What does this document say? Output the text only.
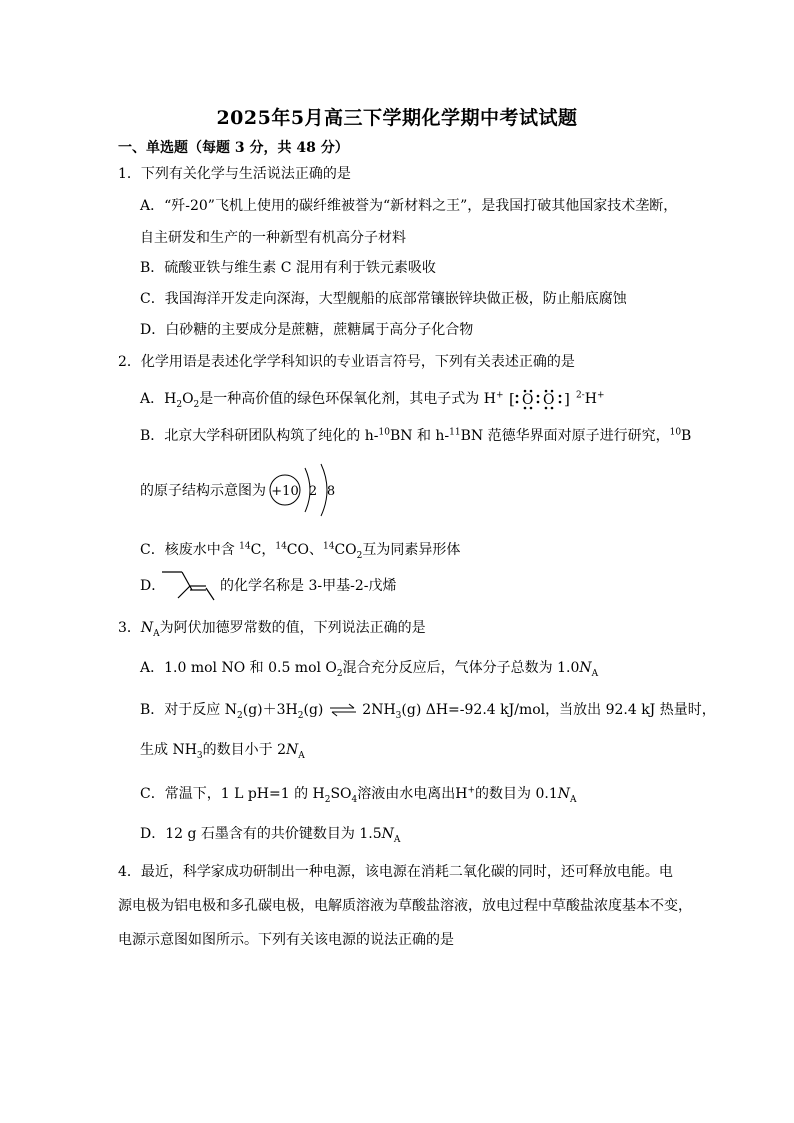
2025年5月高三下学期化学期中考试试题
一、单选题（每题 3 分，共 48 分）
1．下列有关化学与生活说法正确的是
A．“歼-20”飞机上使用的碳纤维被誉为“新材料之王”，是我国打破其他国家技术垄断，
自主研发和生产的一种新型有机高分子材料
B．硫酸亚铁与维生素 C 混用有利于铁元素吸收
C．我国海洋开发走向深海，大型舰船的底部常镶嵌锌块做正极，防止船底腐蚀
D．白砂糖的主要成分是蔗糖，蔗糖属于高分子化合物
2．化学用语是表述化学学科知识的专业语言符号，下列有关表述正确的是
A．$H_2O_2$是一种高价值的绿色环保氧化剂，其电子式为 H+ [ O O ] $^{2-}$H+
B．北京大学科研团队构筑了纯化的 h-$^{10}$BN 和 h-$^{11}$BN 范德华界面对原子进行研究，$^{10}$B
的原子结构示意图为 +10 2 8
C．核废水中含 $^{14}$C，$^{14}$CO、$^{14}CO_2$互为同素异形体
D．	的化学名称是 3-甲基-2-戊烯
3．$N_A$为阿伏加德罗常数的值，下列说法正确的是
A．1.0 mol NO 和 0.5 mol $O_2$混合充分反应后，气体分子总数为 $1.0N_A$
B．对于反应 $N_2(g)+3H_2(g)$ ⇌ $2NH_3(g)$ ΔH=-92.4 kJ/mol，当放出 92.4 kJ 热量时，
生成 $NH_3$的数目小于 $2N_A$
C．常温下，1 L pH=1 的 $H_2SO_4$溶液由水电离出H+的数目为 $0.1N_A$
D．12 g 石墨含有的共价键数目为 $1.5N_A$
4．最近，科学家成功研制出一种电源，该电源在消耗二氧化碳的同时，还可释放电能。电
源电极为铝电极和多孔碳电极，电解质溶液为草酸盐溶液，放电过程中草酸盐浓度基本不变，
电源示意图如图所示。下列有关该电源的说法正确的是
